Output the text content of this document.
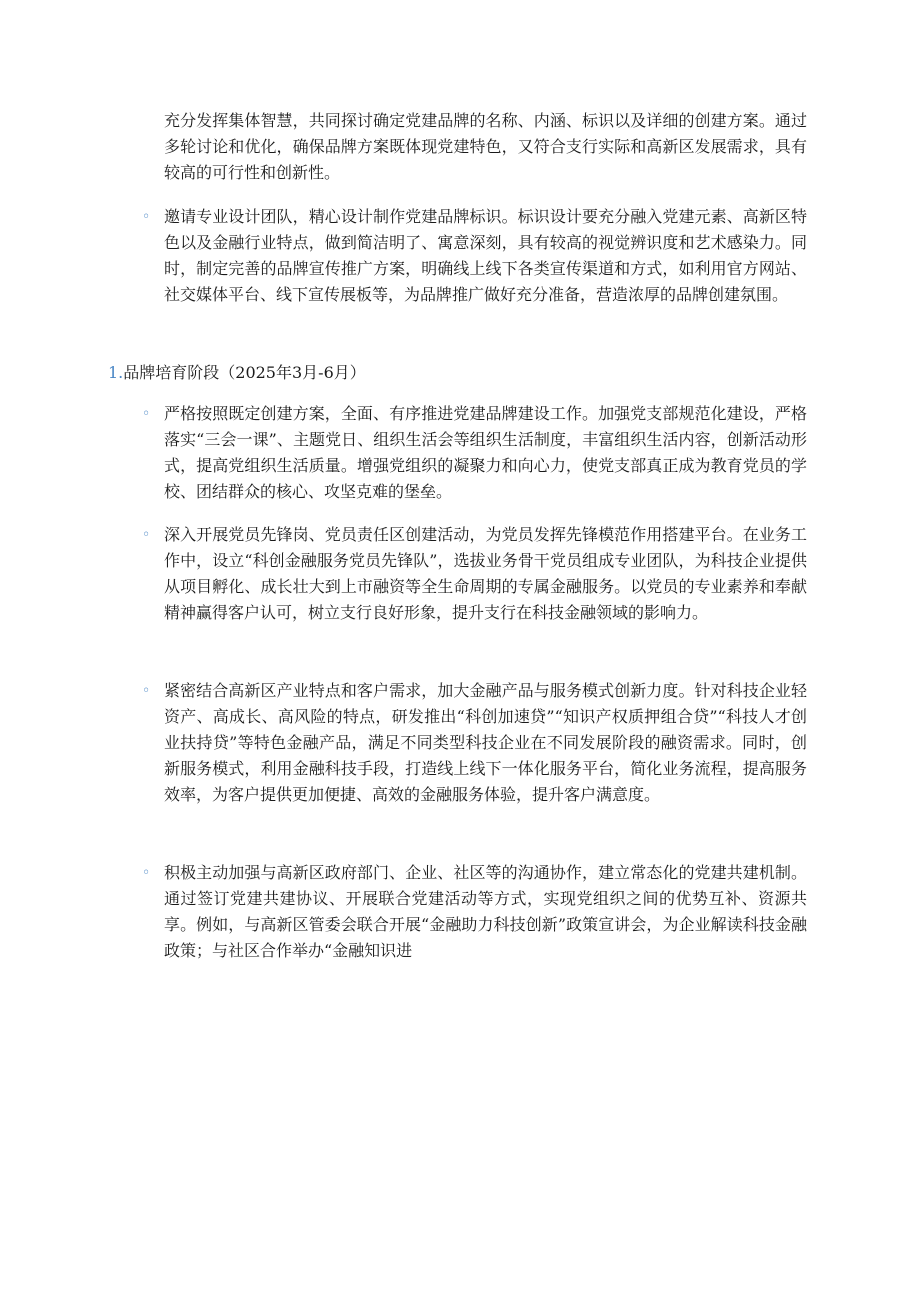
充分发挥集体智慧，共同探讨确定党建品牌的名称、内涵、标识以及详细的创建方案。通过多轮讨论和优化，确保品牌方案既体现党建特色，又符合支行实际和高新区发展需求，具有较高的可行性和创新性。

◦ 邀请专业设计团队，精心设计制作党建品牌标识。标识设计要充分融入党建元素、高新区特色以及金融行业特点，做到简洁明了、寓意深刻，具有较高的视觉辨识度和艺术感染力。同时，制定完善的品牌宣传推广方案，明确线上线下各类宣传渠道和方式，如利用官方网站、社交媒体平台、线下宣传展板等，为品牌推广做好充分准备，营造浓厚的品牌创建氛围。

1.品牌培育阶段（2025年3月-6月）

◦ 严格按照既定创建方案，全面、有序推进党建品牌建设工作。加强党支部规范化建设，严格落实“三会一课”、主题党日、组织生活会等组织生活制度，丰富组织生活内容，创新活动形式，提高党组织生活质量。增强党组织的凝聚力和向心力，使党支部真正成为教育党员的学校、团结群众的核心、攻坚克难的堡垒。

◦ 深入开展党员先锋岗、党员责任区创建活动，为党员发挥先锋模范作用搭建平台。在业务工作中，设立“科创金融服务党员先锋队”，选拔业务骨干党员组成专业团队，为科技企业提供从项目孵化、成长壮大到上市融资等全生命周期的专属金融服务。以党员的专业素养和奉献精神赢得客户认可，树立支行良好形象，提升支行在科技金融领域的影响力。

◦ 紧密结合高新区产业特点和客户需求，加大金融产品与服务模式创新力度。针对科技企业轻资产、高成长、高风险的特点，研发推出“科创加速贷”“知识产权质押组合贷”“科技人才创业扶持贷”等特色金融产品，满足不同类型科技企业在不同发展阶段的融资需求。同时，创新服务模式，利用金融科技手段，打造线上线下一体化服务平台，简化业务流程，提高服务效率，为客户提供更加便捷、高效的金融服务体验，提升客户满意度。

◦ 积极主动加强与高新区政府部门、企业、社区等的沟通协作，建立常态化的党建共建机制。通过签订党建共建协议、开展联合党建活动等方式，实现党组织之间的优势互补、资源共享。例如，与高新区管委会联合开展“金融助力科技创新”政策宣讲会，为企业解读科技金融政策；与社区合作举办“金融知识进
